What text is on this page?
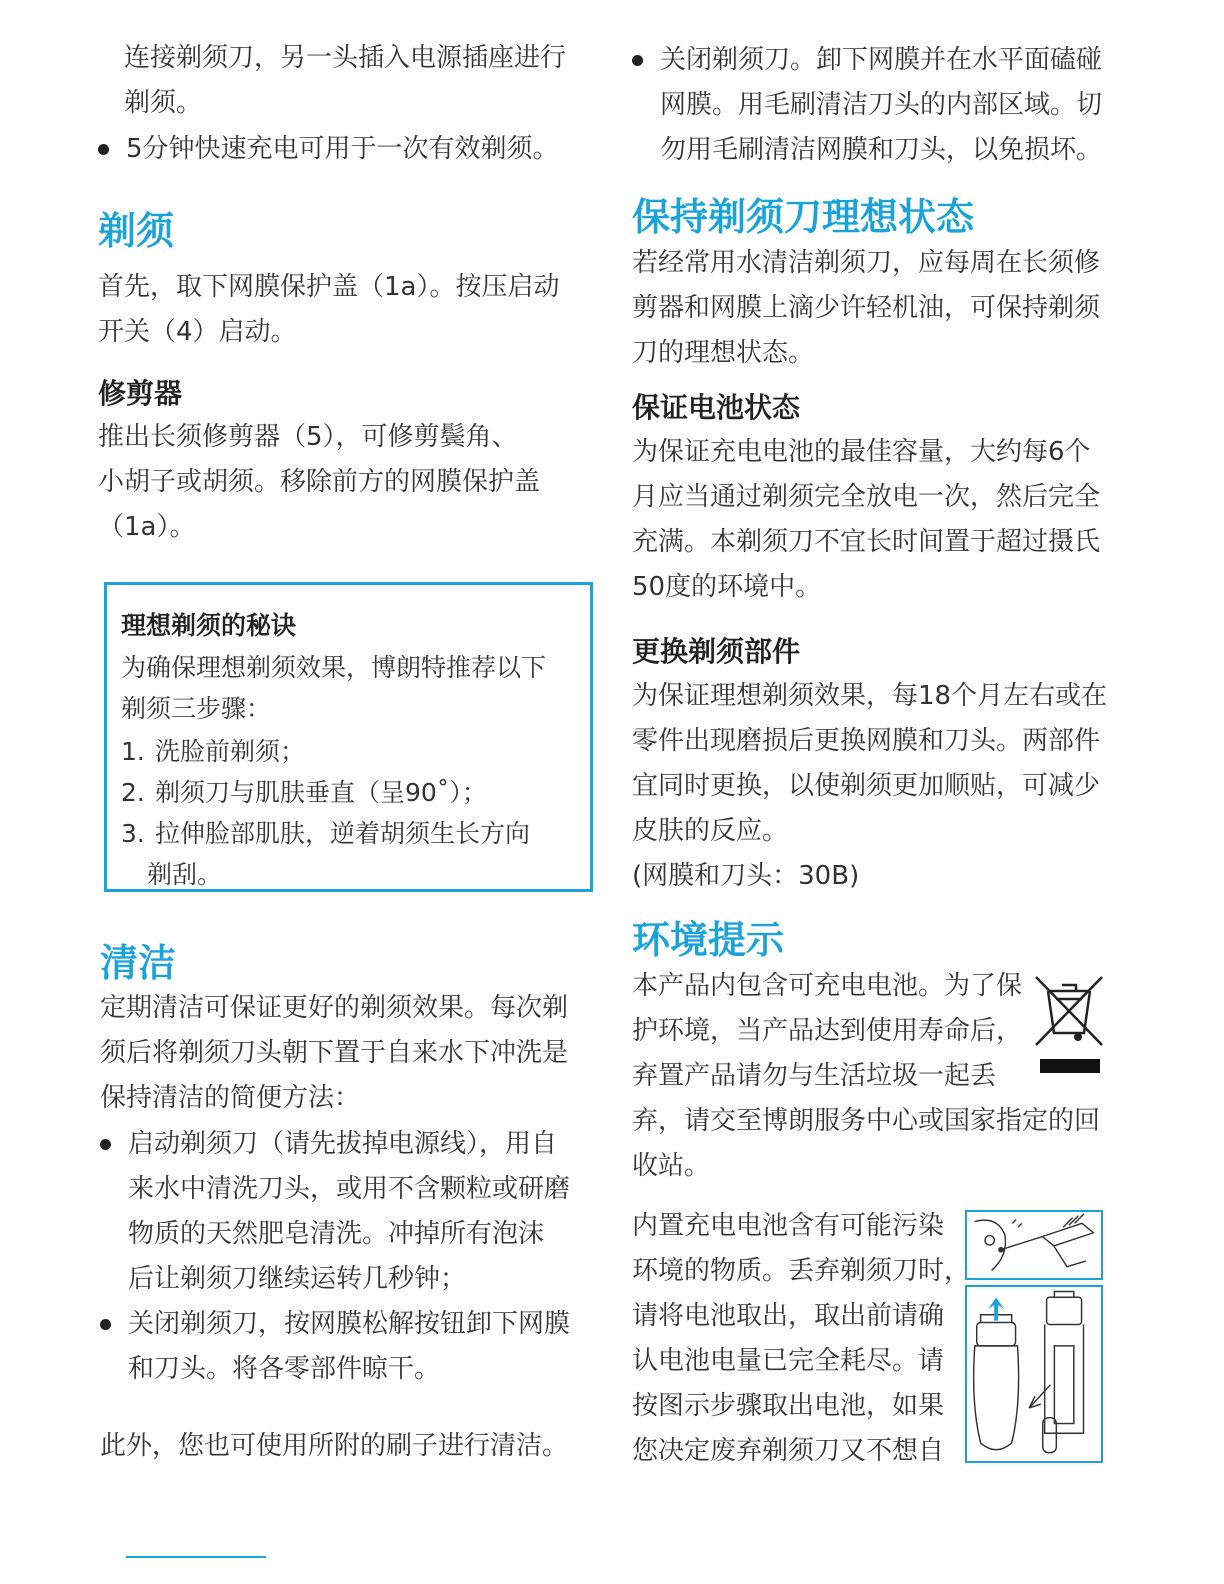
连接剃须刀，另一头插入电源插座进行
剃须。
5分钟快速充电可用于一次有效剃须。
剃须
首先，取下网膜保护盖（1a）。按压启动
开关（4）启动。
修剪器
推出长须修剪器（5），可修剪鬓角、
小胡子或胡须。移除前方的网膜保护盖
（1a）。
理想剃须的秘诀
为确保理想剃须效果，博朗特推荐以下
剃须三步骤：
1. 洗脸前剃须；
2. 剃须刀与肌肤垂直（呈90˚）；
3. 拉伸脸部肌肤，逆着胡须生长方向
剃刮。
清洁
定期清洁可保证更好的剃须效果。每次剃
须后将剃须刀头朝下置于自来水下冲洗是
保持清洁的简便方法：
启动剃须刀（请先拔掉电源线），用自
来水中清洗刀头，或用不含颗粒或研磨
物质的天然肥皂清洗。冲掉所有泡沫
后让剃须刀继续运转几秒钟；
关闭剃须刀，按网膜松解按钮卸下网膜
和刀头。将各零部件晾干。
此外，您也可使用所附的刷子进行清洁。
关闭剃须刀。卸下网膜并在水平面磕碰
网膜。用毛刷清洁刀头的内部区域。切
勿用毛刷清洁网膜和刀头，以免损坏。
保持剃须刀理想状态
若经常用水清洁剃须刀，应每周在长须修
剪器和网膜上滴少许轻机油，可保持剃须
刀的理想状态。
保证电池状态
为保证充电电池的最佳容量，大约每6个
月应当通过剃须完全放电一次，然后完全
充满。本剃须刀不宜长时间置于超过摄氏
50度的环境中。
更换剃须部件
为保证理想剃须效果，每18个月左右或在
零件出现磨损后更换网膜和刀头。两部件
宜同时更换，以使剃须更加顺贴，可减少
皮肤的反应。
(网膜和刀头：30B)
环境提示
本产品内包含可充电电池。为了保
护环境，当产品达到使用寿命后，
弃置产品请勿与生活垃圾一起丢
弃，请交至博朗服务中心或国家指定的回
收站。
内置充电电池含有可能污染
环境的物质。丢弃剃须刀时，
请将电池取出，取出前请确
认电池电量已完全耗尽。请
按图示步骤取出电池，如果
您决定废弃剃须刀又不想自
